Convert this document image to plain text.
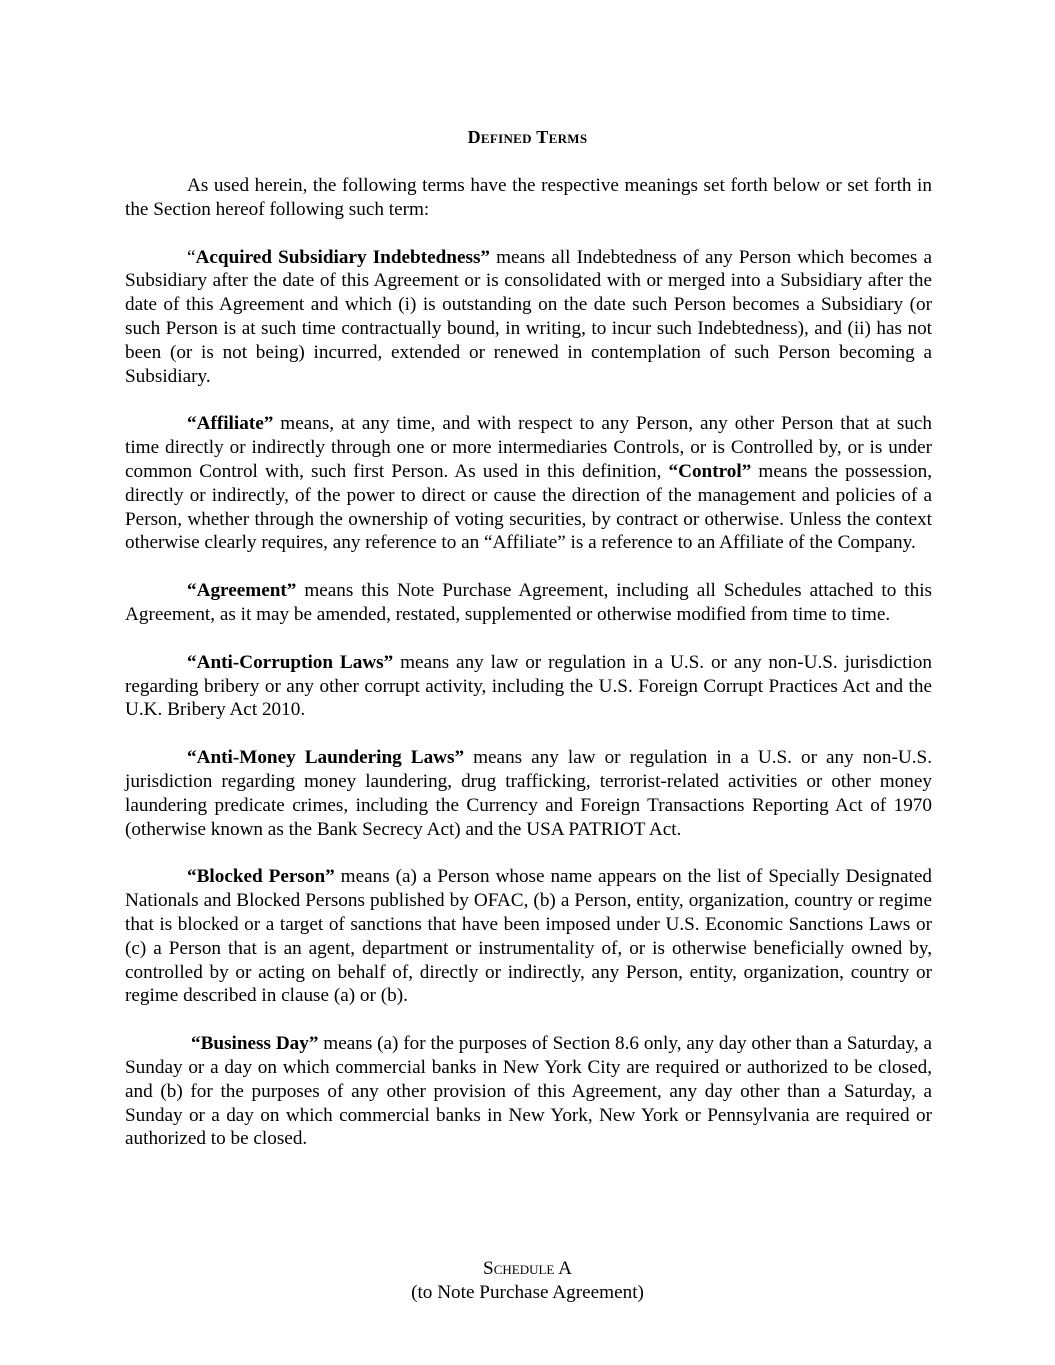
Defined Terms

As used herein, the following terms have the respective meanings set forth below or set forth in the Section hereof following such term:

“Acquired Subsidiary Indebtedness” means all Indebtedness of any Person which becomes a Subsidiary after the date of this Agreement or is consolidated with or merged into a Subsidiary after the date of this Agreement and which (i) is outstanding on the date such Person becomes a Subsidiary (or such Person is at such time contractually bound, in writing, to incur such Indebtedness), and (ii) has not been (or is not being) incurred, extended or renewed in contemplation of such Person becoming a Subsidiary.

“Affiliate” means, at any time, and with respect to any Person, any other Person that at such time directly or indirectly through one or more intermediaries Controls, or is Controlled by, or is under common Control with, such first Person. As used in this definition, “Control” means the possession, directly or indirectly, of the power to direct or cause the direction of the management and policies of a Person, whether through the ownership of voting securities, by contract or otherwise. Unless the context otherwise clearly requires, any reference to an “Affiliate” is a reference to an Affiliate of the Company.

“Agreement” means this Note Purchase Agreement, including all Schedules attached to this Agreement, as it may be amended, restated, supplemented or otherwise modified from time to time.

“Anti-Corruption Laws” means any law or regulation in a U.S. or any non-U.S. jurisdiction regarding bribery or any other corrupt activity, including the U.S. Foreign Corrupt Practices Act and the U.K. Bribery Act 2010.

“Anti-Money Laundering Laws” means any law or regulation in a U.S. or any non-U.S. jurisdiction regarding money laundering, drug trafficking, terrorist-related activities or other money laundering predicate crimes, including the Currency and Foreign Transactions Reporting Act of 1970 (otherwise known as the Bank Secrecy Act) and the USA PATRIOT Act.

“Blocked Person” means (a) a Person whose name appears on the list of Specially Designated Nationals and Blocked Persons published by OFAC, (b) a Person, entity, organization, country or regime that is blocked or a target of sanctions that have been imposed under U.S. Economic Sanctions Laws or (c) a Person that is an agent, department or instrumentality of, or is otherwise beneficially owned by, controlled by or acting on behalf of, directly or indirectly, any Person, entity, organization, country or regime described in clause (a) or (b).

“Business Day” means (a) for the purposes of Section 8.6 only, any day other than a Saturday, a Sunday or a day on which commercial banks in New York City are required or authorized to be closed, and (b) for the purposes of any other provision of this Agreement, any day other than a Saturday, a Sunday or a day on which commercial banks in New York, New York or Pennsylvania are required or authorized to be closed.

Schedule A
(to Note Purchase Agreement)
